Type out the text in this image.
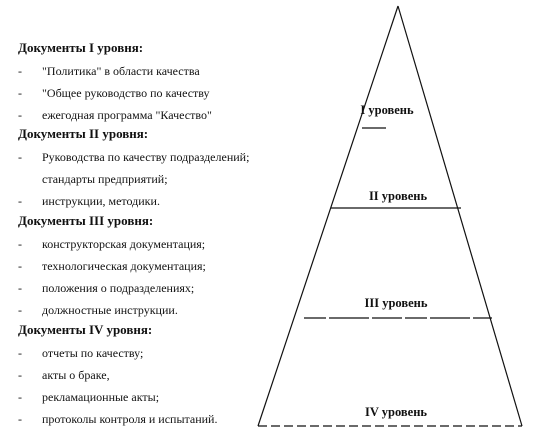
Документы I уровня:
- "Политика" в области качества
- "Общее руководство по качеству
- ежегодная программа "Качество"
Документы II уровня:
- Руководства по качеству подразделений;
стандарты предприятий;
- инструкции, методики.
Документы III уровня:
- конструкторская документация;
- технологическая документация;
- положения о подразделениях;
- должностные инструкции.
Документы IV уровня:
- отчеты по качеству;
- акты о браке,
- рекламационные акты;
- протоколы контроля и испытаний.
I уровень
II уровень
III уровень
IV уровень
